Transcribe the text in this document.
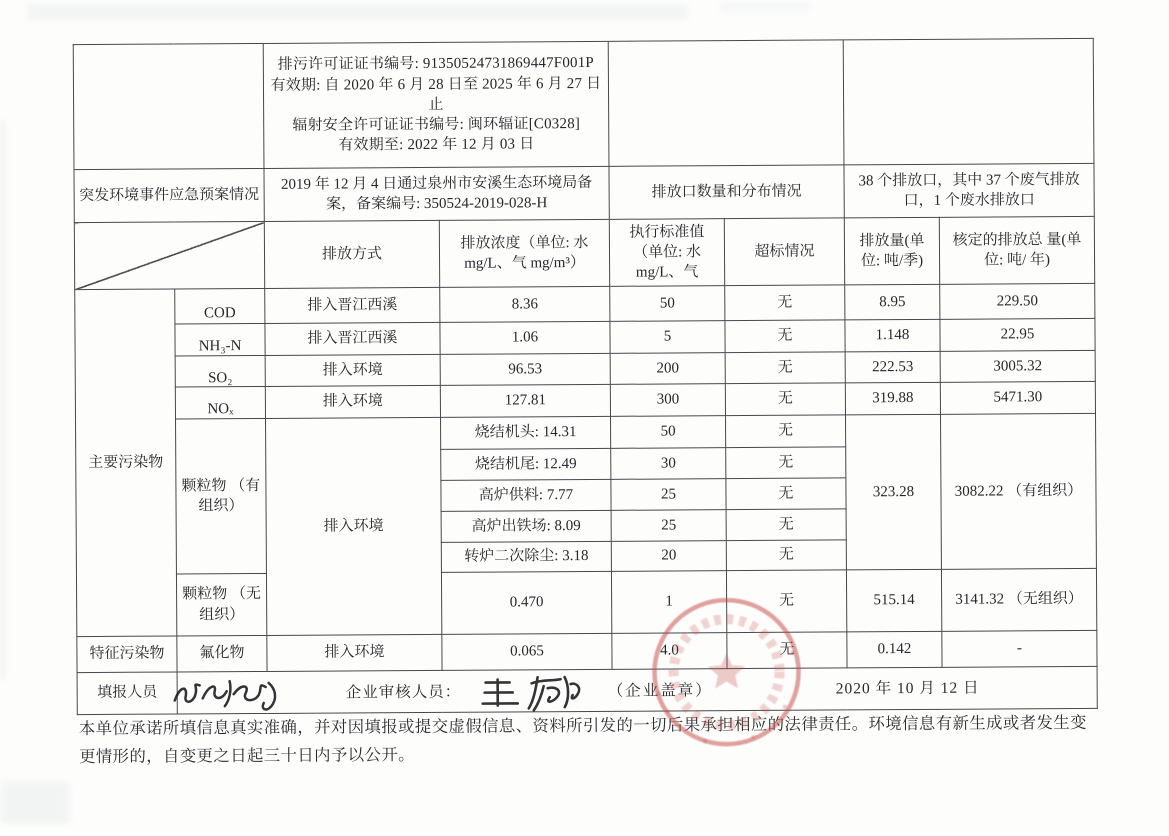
		排污许可证证书编号: 91350524731869447F001P
有效期: 自 2020 年 6 月 28 日至 2025 年 6 月 27 日止
辐射安全许可证证书编号: 闽环辐证[C0328]
有效期至: 2022 年 12 月 03 日					

突发环境事件应急预案情况		2019 年 12 月 4 日通过泉州市安溪生态环境局备案，备案编号: 350524-2019-028-H		排放口数量和分布情况		38 个排放口，其中 37 个废气排放口，1 个废水排放口	
		排放方式	排放浓度（单位: 水 mg/L、气 mg/m³）	执行标准值 （单位: 水 mg/L、气	超标情况	排放量(单 位: 吨/季)	核定的排放总 量(单位: 吨/ 年)
主要污染物	COD	排入晋江西溪	8.36	50	无	8.95	229.50
	NH₃-N	排入晋江西溪	1.06	5	无	1.148	22.95
	SO₂	排入环境	96.53	200	无	222.53	3005.32
	NOₓ	排入环境	127.81	300	无	319.88	5471.30
	颗粒物 （有组织）	排入环境	烧结机头: 14.31	50	无	323.28	3082.22 （有组织）
			烧结机尾: 12.49	30	无		
			高炉供料: 7.77	25	无		
			高炉出铁场: 8.09	25	无		
			转炉二次除尘: 3.18	20	无		
	颗粒物 （无组织）		0.470	1	无	515.14	3141.32 （无组织）
特征污染物	氟化物	排入环境	0.065	4.0	无	0.142	-
填报人员	企业审核人员： （企业盖章） 2020 年 10 月 12 日						
本单位承诺所填信息真实准确，并对因填报或提交虚假信息、资料所引发的一切后果承担相应的法律责任。环境信息有新生成或者发生变更情形的，自变更之日起三十日内予以公开。
